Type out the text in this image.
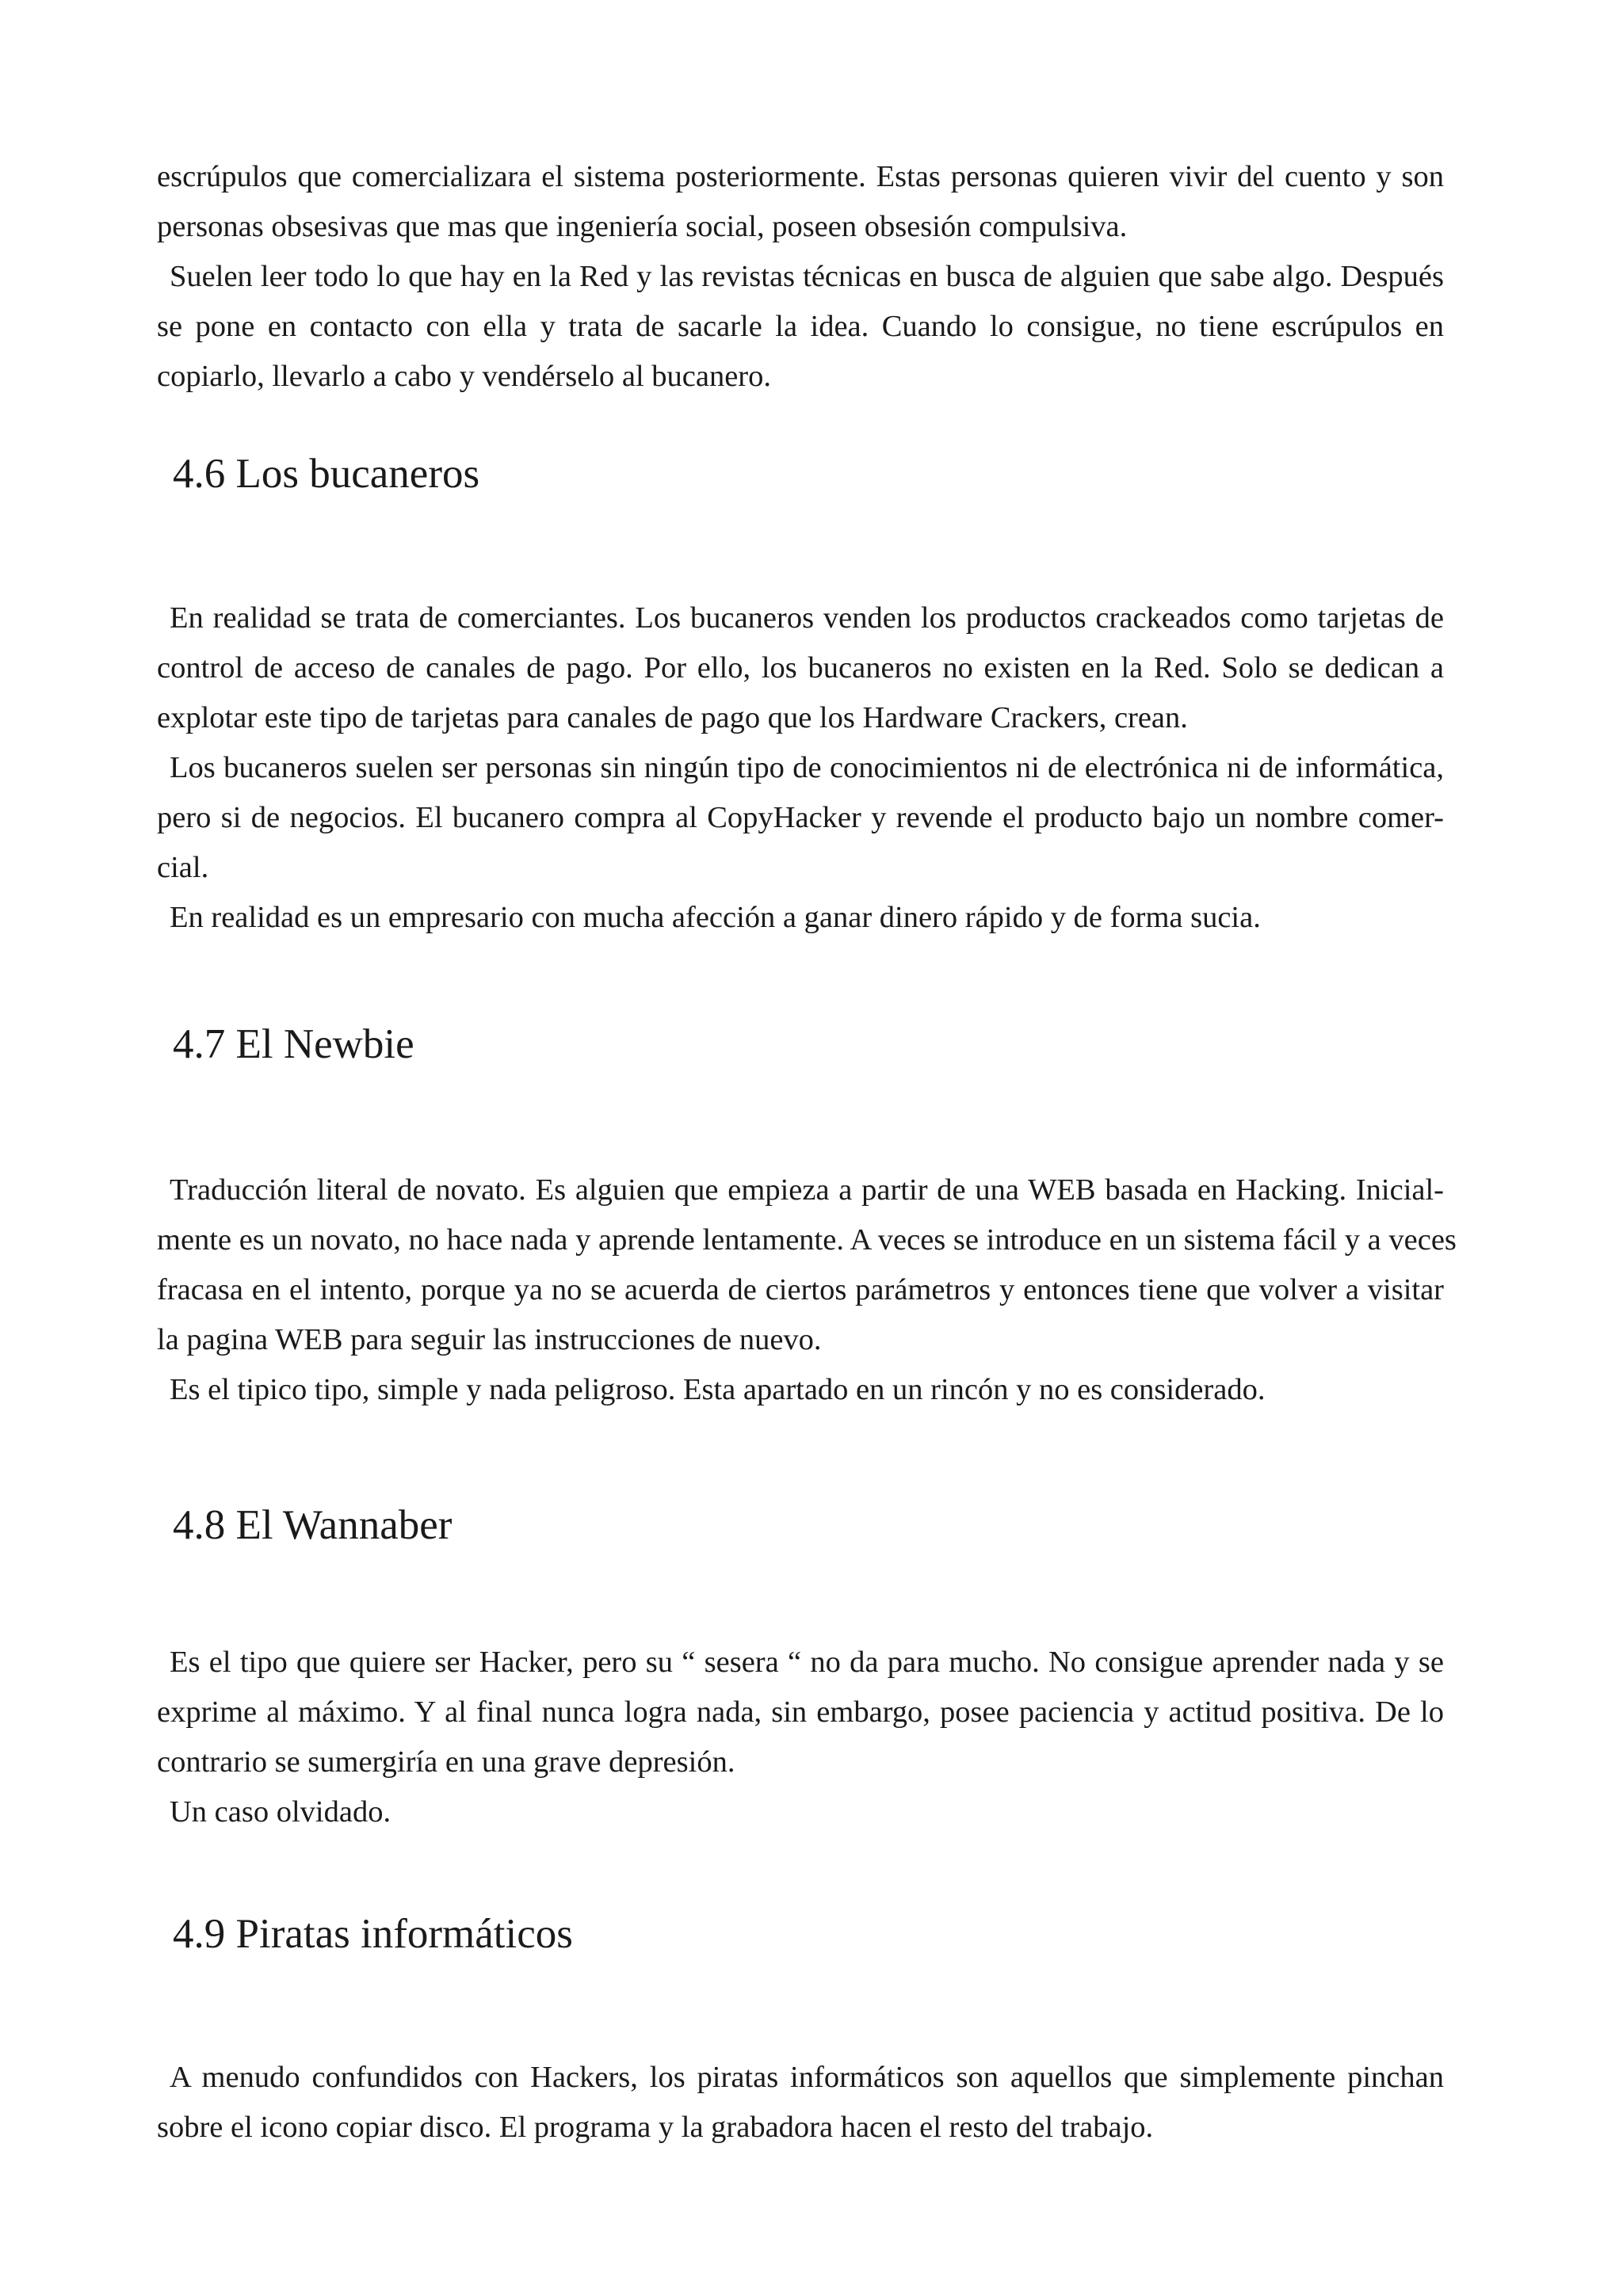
escrúpulos que comercializara el sistema posteriormente. Estas personas quieren vivir del cuento y son

personas obsesivas que mas que ingeniería social, poseen obsesión compulsiva.

Suelen leer todo lo que hay en la Red y las revistas técnicas en busca de alguien que sabe algo. Después

se pone en contacto con ella y trata de sacarle la idea. Cuando lo consigue, no tiene escrúpulos en

copiarlo, llevarlo a cabo y vendérselo al bucanero.

4.6 Los bucaneros

En realidad se trata de comerciantes. Los bucaneros venden los productos crackeados como tarjetas de

control de acceso de canales de pago. Por ello, los bucaneros no existen en la Red. Solo se dedican a

explotar este tipo de tarjetas para canales de pago que los Hardware Crackers, crean.

Los bucaneros suelen ser personas sin ningún tipo de conocimientos ni de electrónica ni de informática,

pero si de negocios. El bucanero compra al CopyHacker y revende el producto bajo un nombre comer-

cial.

En realidad es un empresario con mucha afección a ganar dinero rápido y de forma sucia.

4.7 El Newbie

Traducción literal de novato. Es alguien que empieza a partir de una WEB basada en Hacking. Inicial-

mente es un novato, no hace nada y aprende lentamente. A veces se introduce en un sistema fácil y a veces

fracasa en el intento, porque ya no se acuerda de ciertos parámetros y entonces tiene que volver a visitar

la pagina WEB para seguir las instrucciones de nuevo.

Es el tipico tipo, simple y nada peligroso. Esta apartado en un rincón y no es considerado.

4.8 El Wannaber

Es el tipo que quiere ser Hacker, pero su “ sesera “ no da para mucho. No consigue aprender nada y se

exprime al máximo. Y al final nunca logra nada, sin embargo, posee paciencia y actitud positiva. De lo

contrario se sumergiría en una grave depresión.

Un caso olvidado.

4.9 Piratas informáticos

A menudo confundidos con Hackers, los piratas informáticos son aquellos que simplemente pinchan

sobre el icono copiar disco. El programa y la grabadora hacen el resto del trabajo.
